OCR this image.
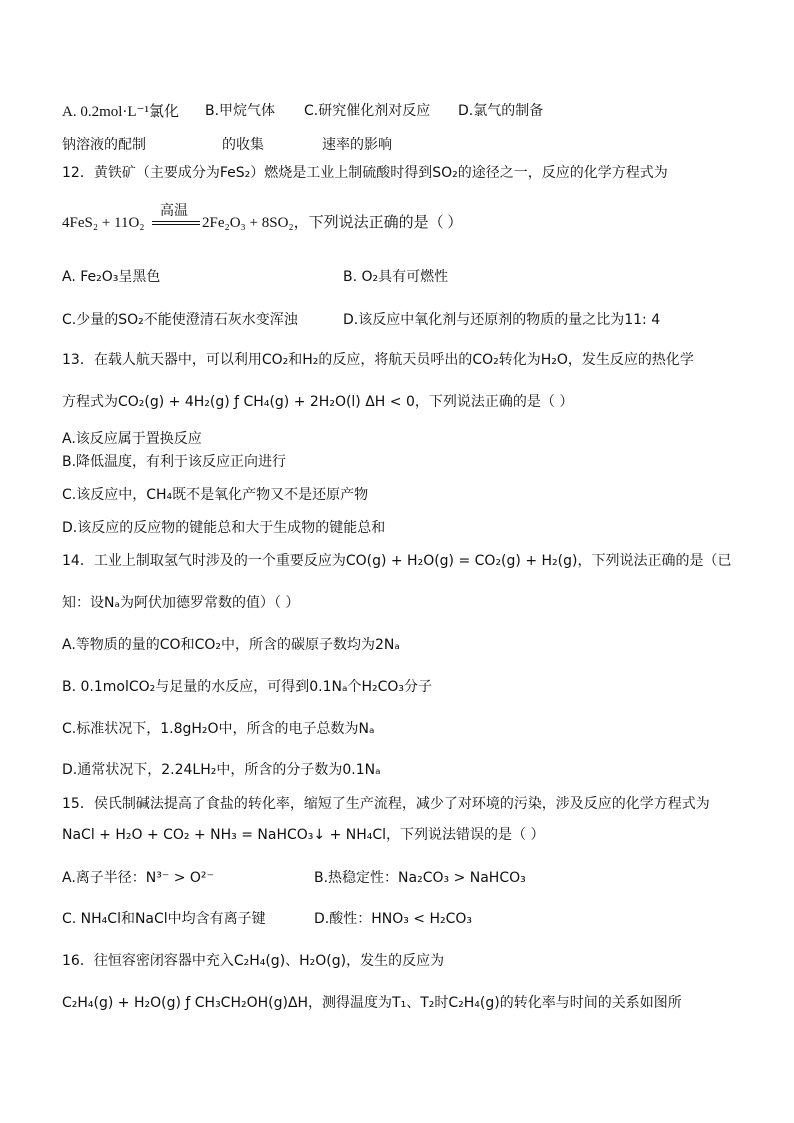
A. 0.2mol·L⁻¹氯化 B.甲烷气体 C.研究催化剂对反应 D.氯气的制备
钠溶液的配制	的收集	速率的影响
12．黄铁矿（主要成分为FeS₂）燃烧是工业上制硫酸时得到SO₂的途径之一，反应的化学方程式为
高温
4FeS₂ + 11O₂	2Fe₂O₃ + 8SO₂，下列说法正确的是（ ）
A. Fe₂O₃呈黑色	B. O₂具有可燃性
C.少量的SO₂不能使澄清石灰水变浑浊	D.该反应中氧化剂与还原剂的物质的量之比为11: 4
13．在载人航天器中，可以利用CO₂和H₂的反应，将航天员呼出的CO₂转化为H₂O，发生反应的热化学
方程式为CO₂(g) + 4H₂(g) ƒ CH₄(g) + 2H₂O(l) ΔH < 0，下列说法正确的是（ ）
A.该反应属于置换反应
B.降低温度，有利于该反应正向进行
C.该反应中，CH₄既不是氧化产物又不是还原产物
D.该反应的反应物的键能总和大于生成物的键能总和
14．工业上制取氢气时涉及的一个重要反应为CO(g) + H₂O(g) = CO₂(g) + H₂(g)，下列说法正确的是（已
知：设Nₐ为阿伏加德罗常数的值）（ ）
A.等物质的量的CO和CO₂中，所含的碳原子数均为2Nₐ
B. 0.1molCO₂与足量的水反应，可得到0.1Nₐ个H₂CO₃分子
C.标准状况下，1.8gH₂O中，所含的电子总数为Nₐ
D.通常状况下，2.24LH₂中，所含的分子数为0.1Nₐ
15．侯氏制碱法提高了食盐的转化率，缩短了生产流程，减少了对环境的污染，涉及反应的化学方程式为
NaCl + H₂O + CO₂ + NH₃ = NaHCO₃↓ + NH₄Cl，下列说法错误的是（ ）
A.离子半径：N³⁻ > O²⁻	B.热稳定性：Na₂CO₃ > NaHCO₃
C. NH₄Cl和NaCl中均含有离子键	D.酸性：HNO₃ < H₂CO₃
16．往恒容密闭容器中充入C₂H₄(g)、H₂O(g)，发生的反应为
C₂H₄(g) + H₂O(g) ƒ CH₃CH₂OH(g)ΔH，测得温度为T₁、T₂时C₂H₄(g)的转化率与时间的关系如图所
